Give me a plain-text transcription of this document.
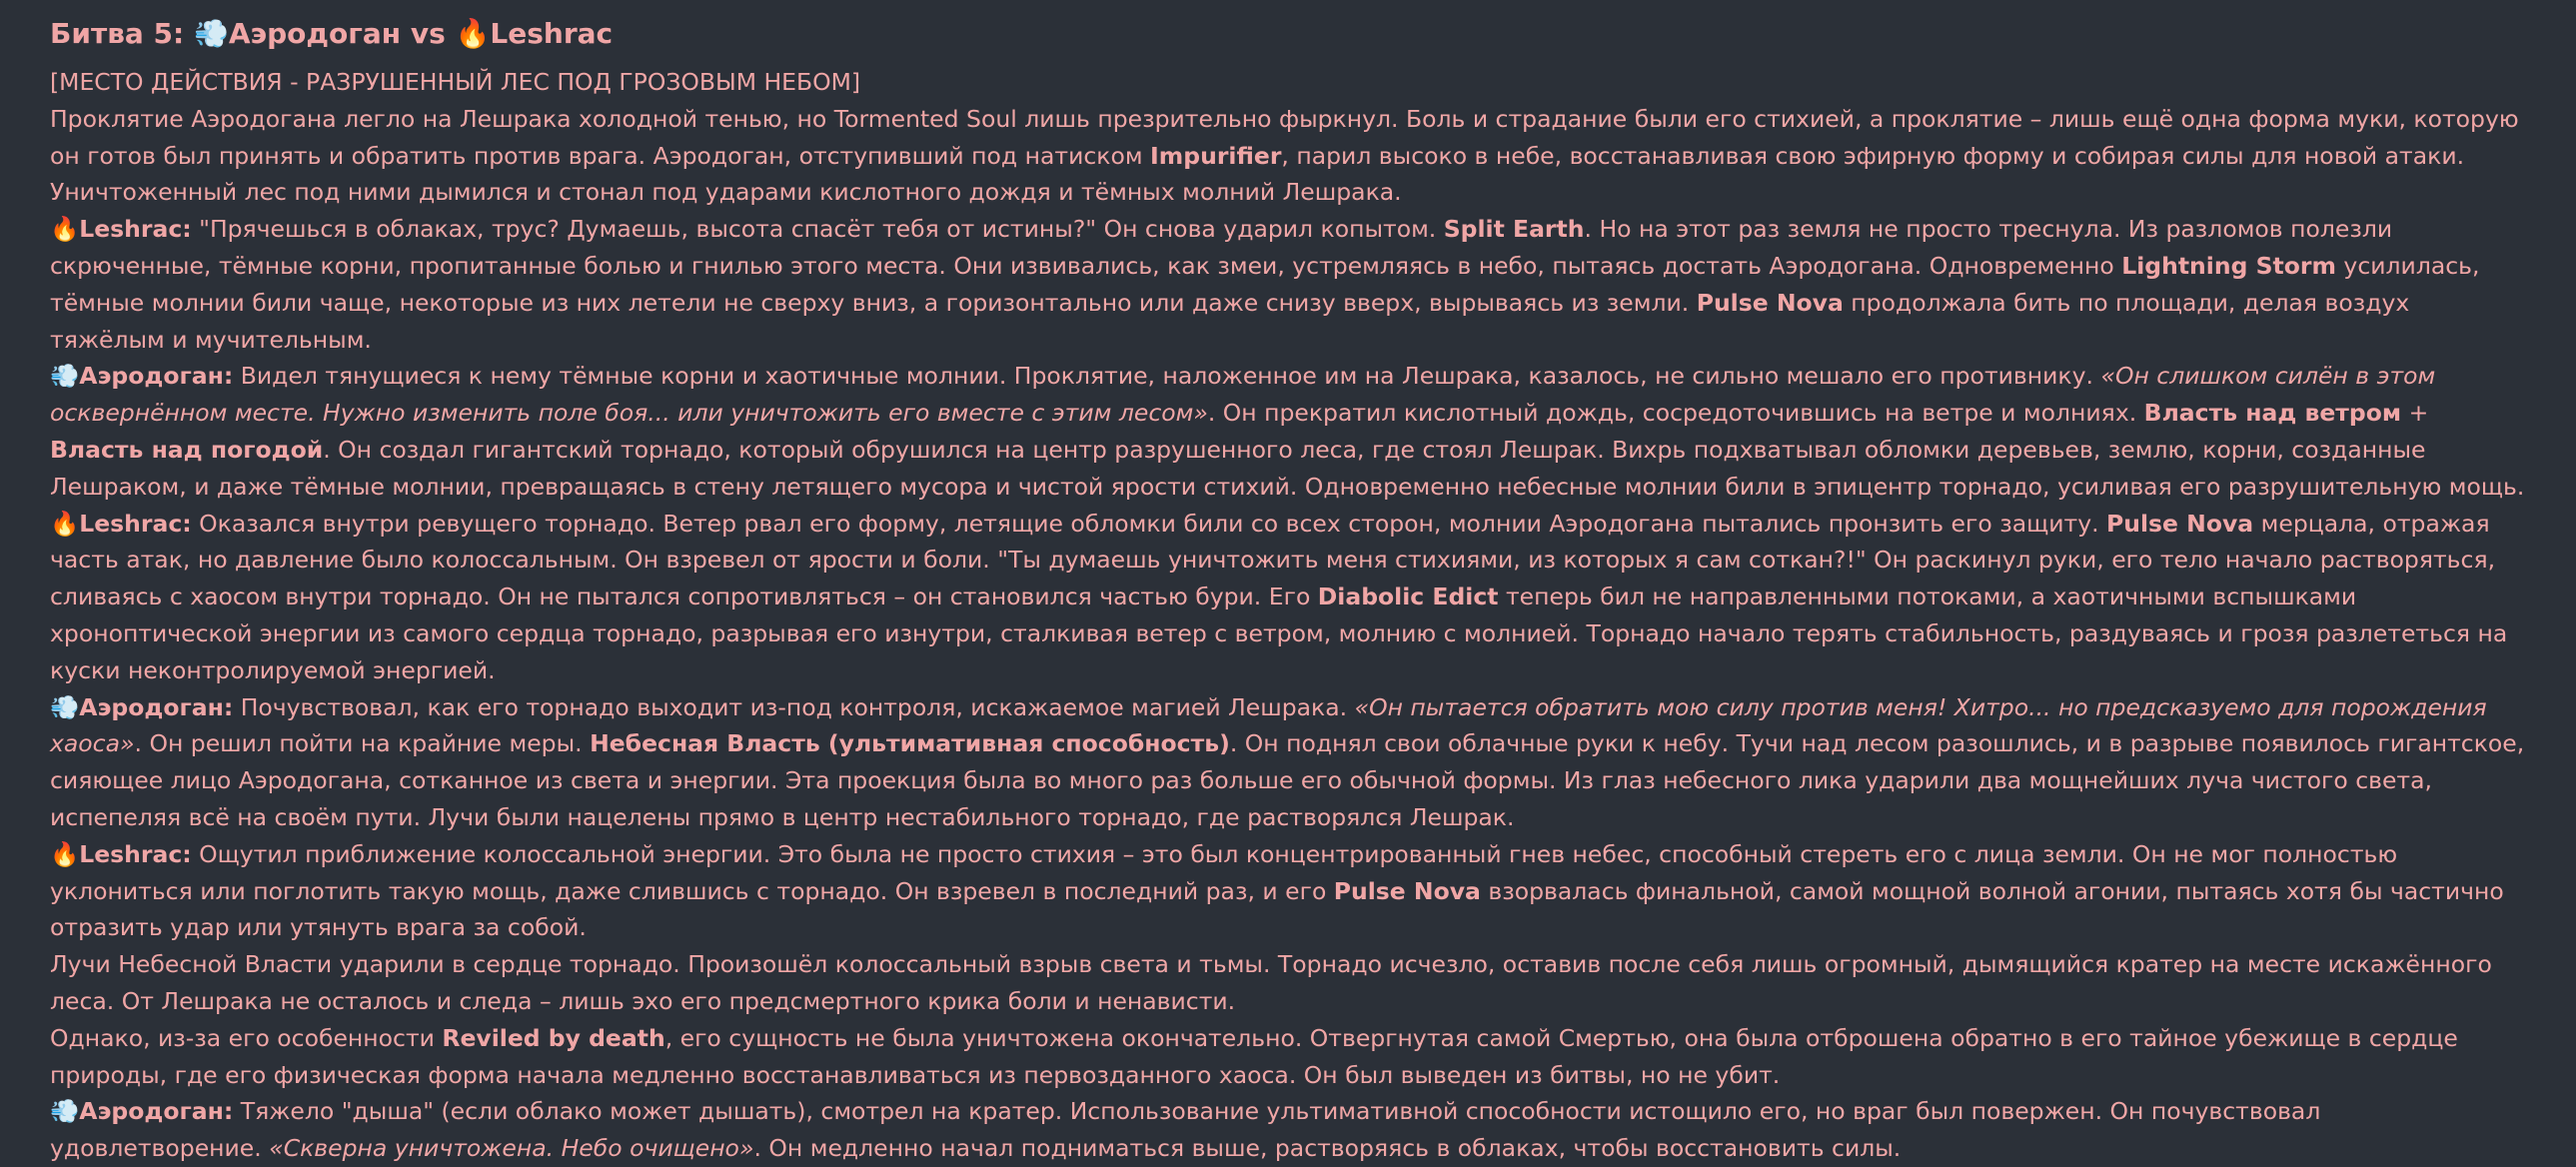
Битва 5: 💨Аэродоган vs 🔥Leshrac

[МЕСТО ДЕЙСТВИЯ - РАЗРУШЕННЫЙ ЛЕС ПОД ГРОЗОВЫМ НЕБОМ]

Проклятие Аэродогана легло на Лешрака холодной тенью, но Tormented Soul лишь презрительно фыркнул. Боль и страдание были его стихией, а проклятие – лишь ещё одна форма муки, которую он готов был принять и обратить против врага. Аэродоган, отступивший под натиском Impurifier, парил высоко в небе, восстанавливая свою эфирную форму и собирая силы для новой атаки. Уничтоженный лес под ними дымился и стонал под ударами кислотного дождя и тёмных молний Лешрака.

🔥Leshrac: "Прячешься в облаках, трус? Думаешь, высота спасёт тебя от истины?" Он снова ударил копытом. Split Earth. Но на этот раз земля не просто треснула. Из разломов полезли скрюченные, тёмные корни, пропитанные болью и гнилью этого места. Они извивались, как змеи, устремляясь в небо, пытаясь достать Аэродогана. Одновременно Lightning Storm усилилась, тёмные молнии били чаще, некоторые из них летели не сверху вниз, а горизонтально или даже снизу вверх, вырываясь из земли. Pulse Nova продолжала бить по площади, делая воздух тяжёлым и мучительным.

💨Аэродоган: Видел тянущиеся к нему тёмные корни и хаотичные молнии. Проклятие, наложенное им на Лешрака, казалось, не сильно мешало его противнику. «Он слишком силён в этом осквернённом месте. Нужно изменить поле боя... или уничтожить его вместе с этим лесом». Он прекратил кислотный дождь, сосредоточившись на ветре и молниях. Власть над ветром + Власть над погодой. Он создал гигантский торнадо, который обрушился на центр разрушенного леса, где стоял Лешрак. Вихрь подхватывал обломки деревьев, землю, корни, созданные Лешраком, и даже тёмные молнии, превращаясь в стену летящего мусора и чистой ярости стихий. Одновременно небесные молнии били в эпицентр торнадо, усиливая его разрушительную мощь.

🔥Leshrac: Оказался внутри ревущего торнадо. Ветер рвал его форму, летящие обломки били со всех сторон, молнии Аэродогана пытались пронзить его защиту. Pulse Nova мерцала, отражая часть атак, но давление было колоссальным. Он взревел от ярости и боли. "Ты думаешь уничтожить меня стихиями, из которых я сам соткан?!" Он раскинул руки, его тело начало растворяться, сливаясь с хаосом внутри торнадо. Он не пытался сопротивляться – он становился частью бури. Его Diabolic Edict теперь бил не направленными потоками, а хаотичными вспышками хроноптической энергии из самого сердца торнадо, разрывая его изнутри, сталкивая ветер с ветром, молнию с молнией. Торнадо начало терять стабильность, раздуваясь и грозя разлететься на куски неконтролируемой энергией.

💨Аэродоган: Почувствовал, как его торнадо выходит из-под контроля, искажаемое магией Лешрака. «Он пытается обратить мою силу против меня! Хитро... но предсказуемо для порождения хаоса». Он решил пойти на крайние меры. Небесная Власть (ультимативная способность). Он поднял свои облачные руки к небу. Тучи над лесом разошлись, и в разрыве появилось гигантское, сияющее лицо Аэродогана, сотканное из света и энергии. Эта проекция была во много раз больше его обычной формы. Из глаз небесного лика ударили два мощнейших луча чистого света, испепеляя всё на своём пути. Лучи были нацелены прямо в центр нестабильного торнадо, где растворялся Лешрак.

🔥Leshrac: Ощутил приближение колоссальной энергии. Это была не просто стихия – это был концентрированный гнев небес, способный стереть его с лица земли. Он не мог полностью уклониться или поглотить такую мощь, даже слившись с торнадо. Он взревел в последний раз, и его Pulse Nova взорвалась финальной, самой мощной волной агонии, пытаясь хотя бы частично отразить удар или утянуть врага за собой.

Лучи Небесной Власти ударили в сердце торнадо. Произошёл колоссальный взрыв света и тьмы. Торнадо исчезло, оставив после себя лишь огромный, дымящийся кратер на месте искажённого леса. От Лешрака не осталось и следа – лишь эхо его предсмертного крика боли и ненависти.

Однако, из-за его особенности Reviled by death, его сущность не была уничтожена окончательно. Отвергнутая самой Смертью, она была отброшена обратно в его тайное убежище в сердце природы, где его физическая форма начала медленно восстанавливаться из первозданного хаоса. Он был выведен из битвы, но не убит.

💨Аэродоган: Тяжело "дыша" (если облако может дышать), смотрел на кратер. Использование ультимативной способности истощило его, но враг был повержен. Он почувствовал удовлетворение. «Скверна уничтожена. Небо очищено». Он медленно начал подниматься выше, растворяясь в облаках, чтобы восстановить силы.
